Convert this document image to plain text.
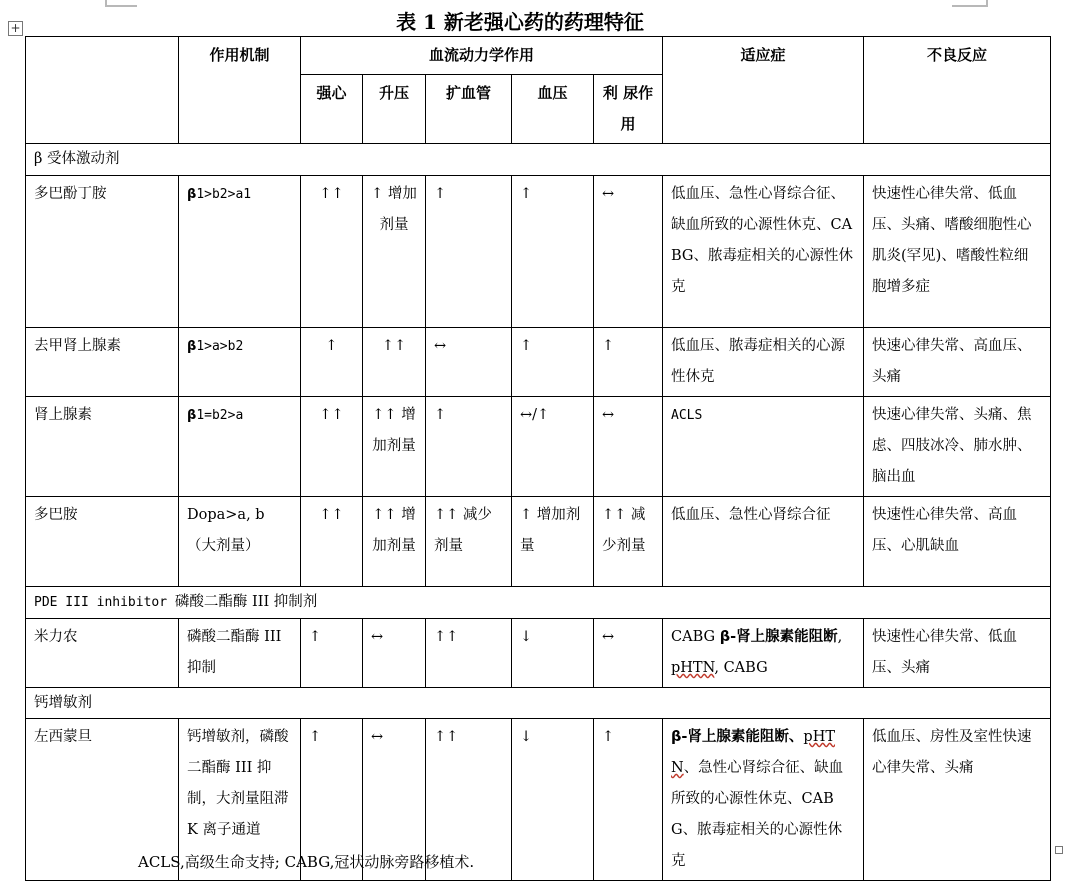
+	表 1 新老强心药的药理特征
	作用机制	血流动力学作用					适应症	不良反应
		强心	升压	扩血管	血压	利 尿作用		
β 受体激动剂								
多巴酚丁胺	β1>b2>a1	↑↑	↑ 增加剂量	↑	↑	↔	低血压、急性心肾综合征、缺血所致的心源性休克、CABG、脓毒症相关的心源性休克	快速性心律失常、低血压、头痛、嗜酸细胞性心肌炎(罕见)、嗜酸性粒细胞增多症
去甲肾上腺素	β1>a>b2	↑	↑↑	↔	↑	↑	低血压、脓毒症相关的心源性休克	快速心律失常、高血压、头痛
肾上腺素	β1=b2>a	↑↑	↑↑ 增加剂量	↑	↔/↑	↔	ACLS	快速心律失常、头痛、焦虑、四肢冰冷、肺水肿、脑出血
多巴胺	Dopa>a, b（大剂量）	↑↑	↑↑ 增加剂量	↑↑ 减少剂量	↑ 增加剂量	↑↑ 减少剂量	低血压、急性心肾综合征	快速性心律失常、高血压、心肌缺血
PDE III inhibitor 磷酸二酯酶 III 抑制剂								
米力农	磷酸二酯酶 III 抑制	↑	↔	↑↑	↓	↔	CABG β-肾上腺素能阻断, pHTN, CABG	快速性心律失常、低血压、头痛
钙增敏剂								
左西蒙旦	钙增敏剂，磷酸二酯酶 III 抑制，大剂量阻滞 K 离子通道	↑	↔	↑↑	↓	↑	β-肾上腺素能阻断、pHTN、急性心肾综合征、缺血所致的心源性休克、CABG、脓毒症相关的心源性休克	低血压、房性及室性快速心律失常、头痛
ACLS,高级生命支持; CABG,冠状动脉旁路移植术.
